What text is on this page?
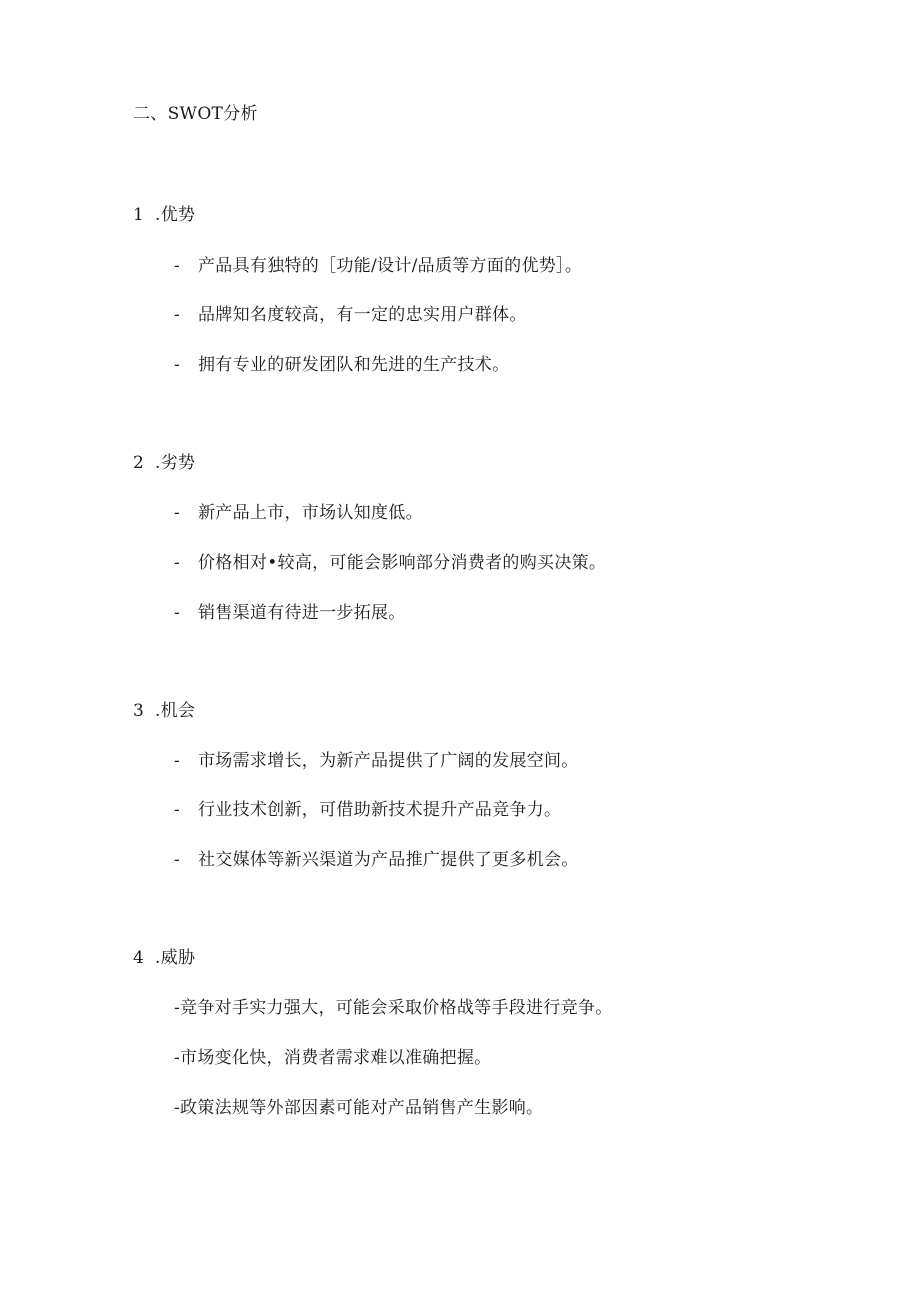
二、SWOT分析
1 .优势
- 产品具有独特的［功能/设计/品质等方面的优势］。
- 品牌知名度较高，有一定的忠实用户群体。
- 拥有专业的研发团队和先进的生产技术。
2 .劣势
- 新产品上市，市场认知度低。
- 价格相对•较高，可能会影响部分消费者的购买决策。
- 销售渠道有待进一步拓展。
3 .机会
- 市场需求增长，为新产品提供了广阔的发展空间。
- 行业技术创新，可借助新技术提升产品竞争力。
- 社交媒体等新兴渠道为产品推广提供了更多机会。
4 .威胁
-竞争对手实力强大，可能会采取价格战等手段进行竞争。
-市场变化快，消费者需求难以准确把握。
-政策法规等外部因素可能对产品销售产生影响。
